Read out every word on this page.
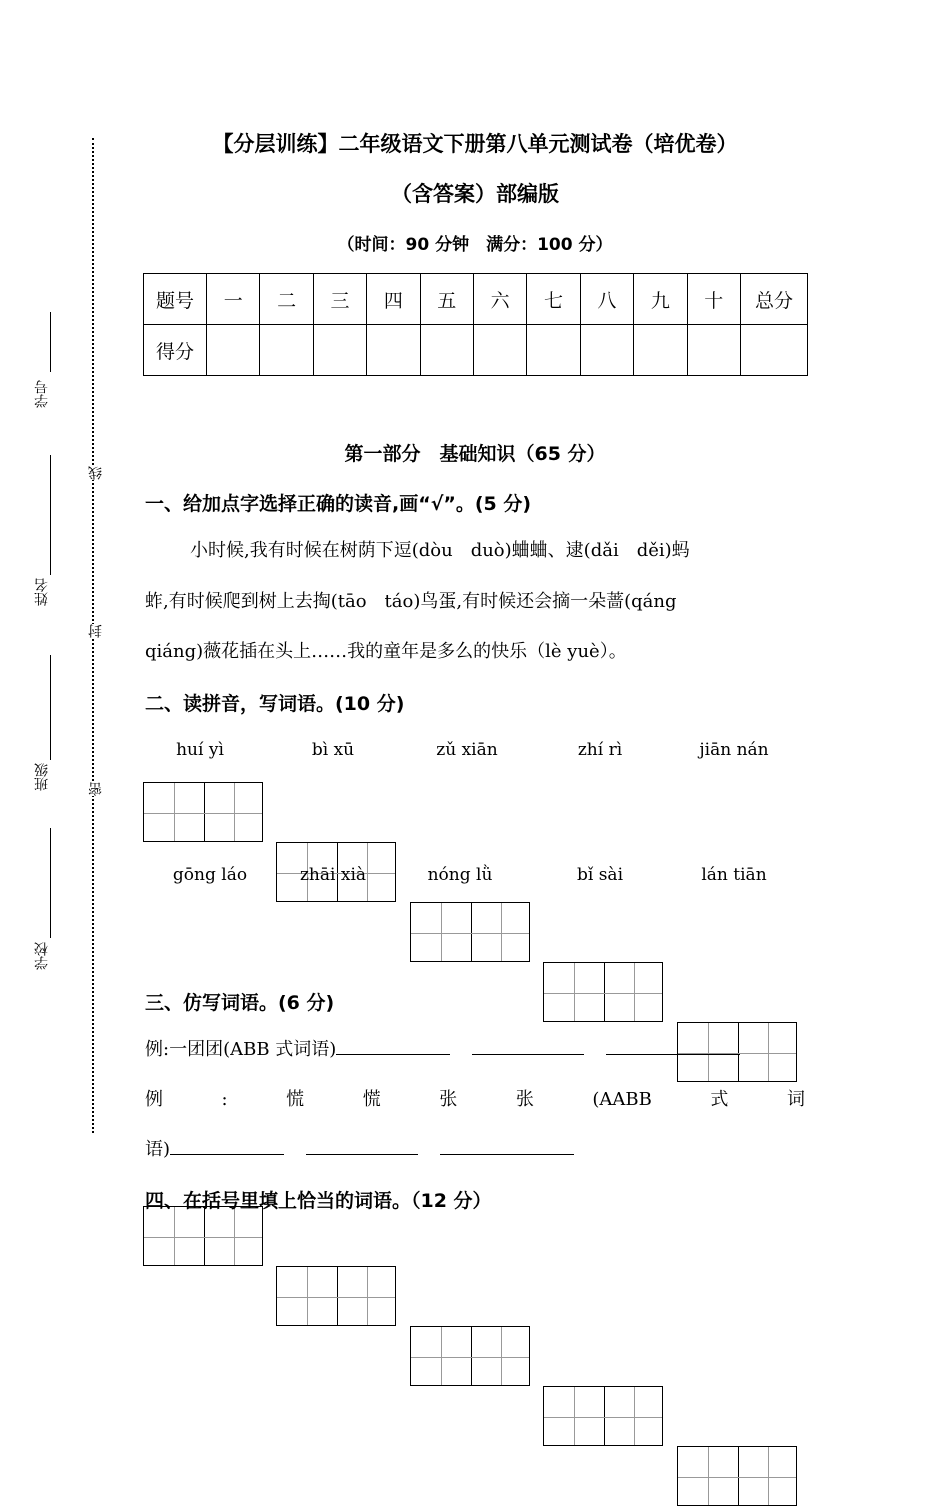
【分层训练】二年级语文下册第八单元测试卷（培优卷）
（含答案）部编版
（时间：90 分钟　满分：100 分）
学号
姓名
班级
学校
线
封
密
题号	一	二	三	四	五	六	七	八	九	十	总分
得分											
第一部分　基础知识（65 分）
一、给加点字选择正确的读音,画“√”。(5 分)
小时候,我有时候在树荫下逗(dòu　duò)蛐蛐、逮(dǎi　děi)蚂
蚱,有时候爬到树上去掏(tāo　táo)鸟蛋,有时候还会摘一朵蔷(qáng
qiáng)薇花插在头上……我的童年是多么的快乐（lè yuè）。
二、读拼音，写词语。(10 分)
huí yì	bì xū	zǔ xiān	zhí rì	jiān nán
gōng láo	zhāi xià	nóng lǜ	bǐ sài	lán tiān
三、仿写词语。(6 分)
例:一团团(ABB 式词语)
例	:	慌	慌	张	张	(AABB	式	词
语)
四、在括号里填上恰当的词语。（12 分）
